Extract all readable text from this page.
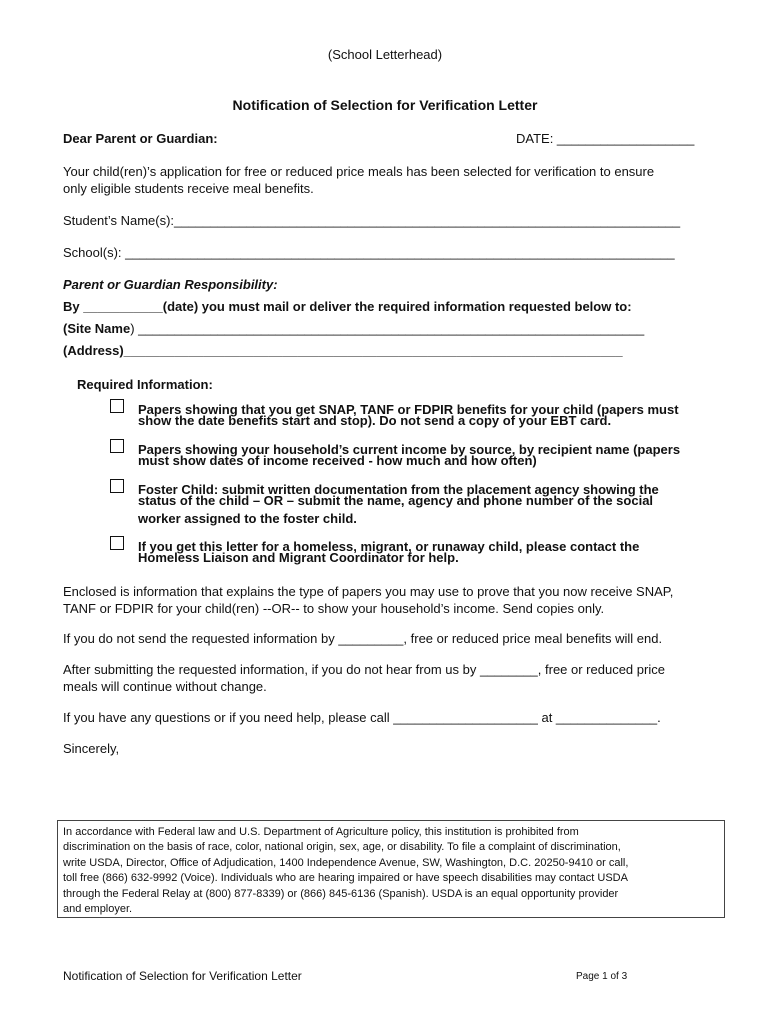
(School Letterhead)
Notification of Selection for Verification Letter
Dear Parent or Guardian:	DATE: ___________________
Your child(ren)’s application for free or reduced price meals has been selected for verification to ensure
only eligible students receive meal benefits.
Student’s Name(s):______________________________________________________________________
School(s): ____________________________________________________________________________
Parent or Guardian Responsibility:
By ___________(date) you must mail or deliver the required information requested below to:
(Site Name) ______________________________________________________________________
(Address)_____________________________________________________________________
Required Information:
Papers showing that you get SNAP, TANF or FDPIR benefits for your child (papers must
show the date benefits start and stop). Do not send a copy of your EBT card.
Papers showing your household’s current income by source, by recipient name (papers
must show dates of income received - how much and how often)
Foster Child: submit written documentation from the placement agency showing the
status of the child – OR – submit the name, agency and phone number of the social
worker assigned to the foster child.
If you get this letter for a homeless, migrant, or runaway child, please contact the
Homeless Liaison and Migrant Coordinator for help.
Enclosed is information that explains the type of papers you may use to prove that you now receive SNAP,
TANF or FDPIR for your child(ren) --OR-- to show your household’s income. Send copies only.
If you do not send the requested information by _________, free or reduced price meal benefits will end.
After submitting the requested information, if you do not hear from us by ________, free or reduced price
meals will continue without change.
If you have any questions or if you need help, please call ____________________ at ______________.
Sincerely,
In accordance with Federal law and U.S. Department of Agriculture policy, this institution is prohibited from
discrimination on the basis of race, color, national origin, sex, age, or disability. To file a complaint of discrimination,
write USDA, Director, Office of Adjudication, 1400 Independence Avenue, SW, Washington, D.C. 20250-9410 or call,
toll free (866) 632-9992 (Voice). Individuals who are hearing impaired or have speech disabilities may contact USDA
through the Federal Relay at (800) 877-8339) or (866) 845-6136 (Spanish). USDA is an equal opportunity provider
and employer.
Notification of Selection for Verification Letter	Page 1 of 3
